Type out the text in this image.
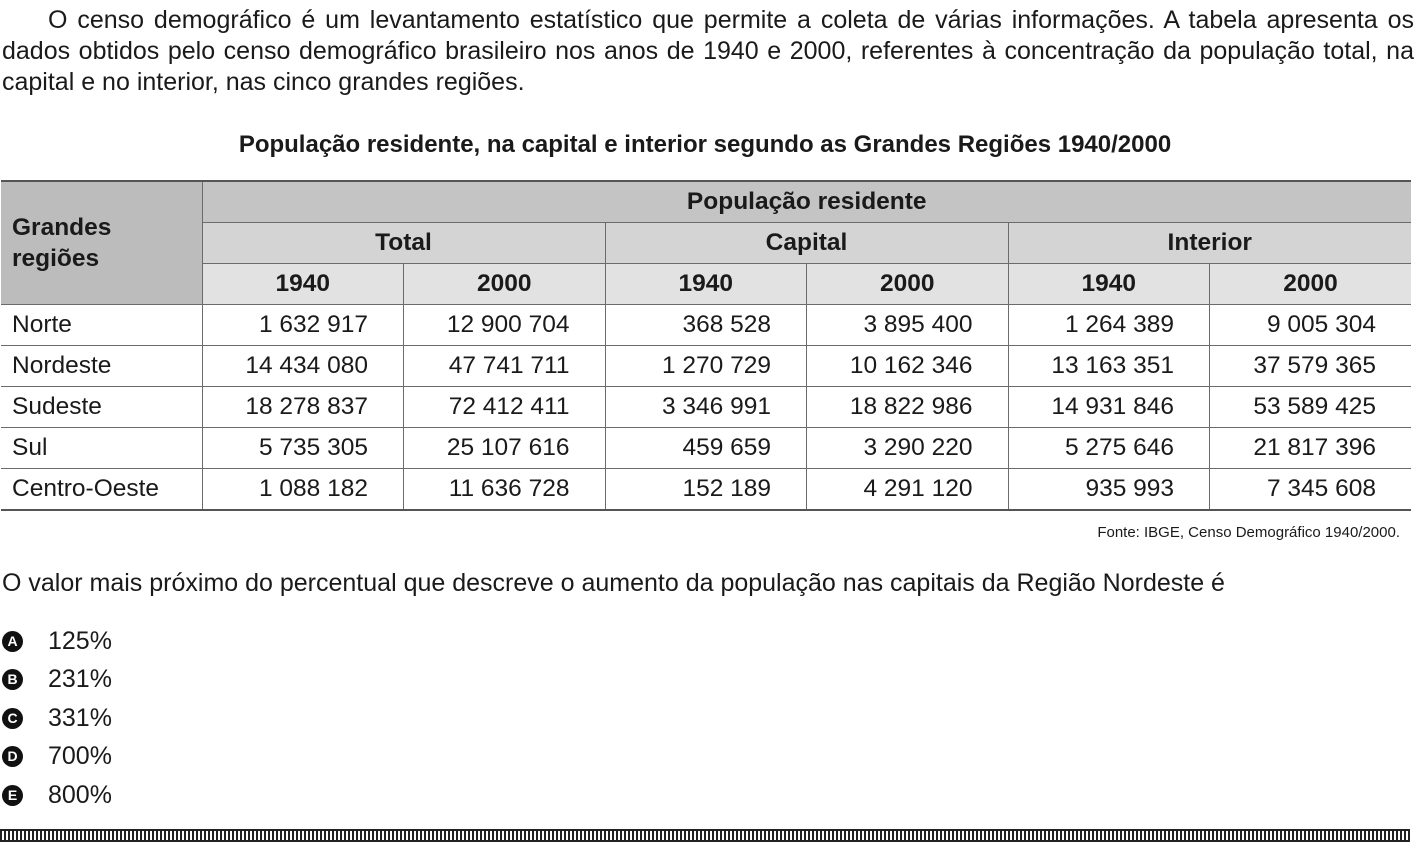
O censo demográfico é um levantamento estatístico que permite a coleta de várias informações. A tabela apresenta os dados obtidos pelo censo demográfico brasileiro nos anos de 1940 e 2000, referentes à concentração da população total, na capital e no interior, nas cinco grandes regiões.

População residente, na capital e interior segundo as Grandes Regiões 1940/2000
Grandes regiões	População residente					
	Total		Capital		Interior	
	1940	2000	1940	2000	1940	2000
Norte	1 632 917	12 900 704	368 528	3 895 400	1 264 389	9 005 304
Nordeste	14 434 080	47 741 711	1 270 729	10 162 346	13 163 351	37 579 365
Sudeste	18 278 837	72 412 411	3 346 991	18 822 986	14 931 846	53 589 425
Sul	5 735 305	25 107 616	459 659	3 290 220	5 275 646	21 817 396
Centro-Oeste	1 088 182	11 636 728	152 189	4 291 120	935 993	7 345 608
Fonte: IBGE, Censo Demográfico 1940/2000.

O valor mais próximo do percentual que descreve o aumento da população nas capitais da Região Nordeste é

A 125%
B 231%
C 331%
D 700%
E 800%
